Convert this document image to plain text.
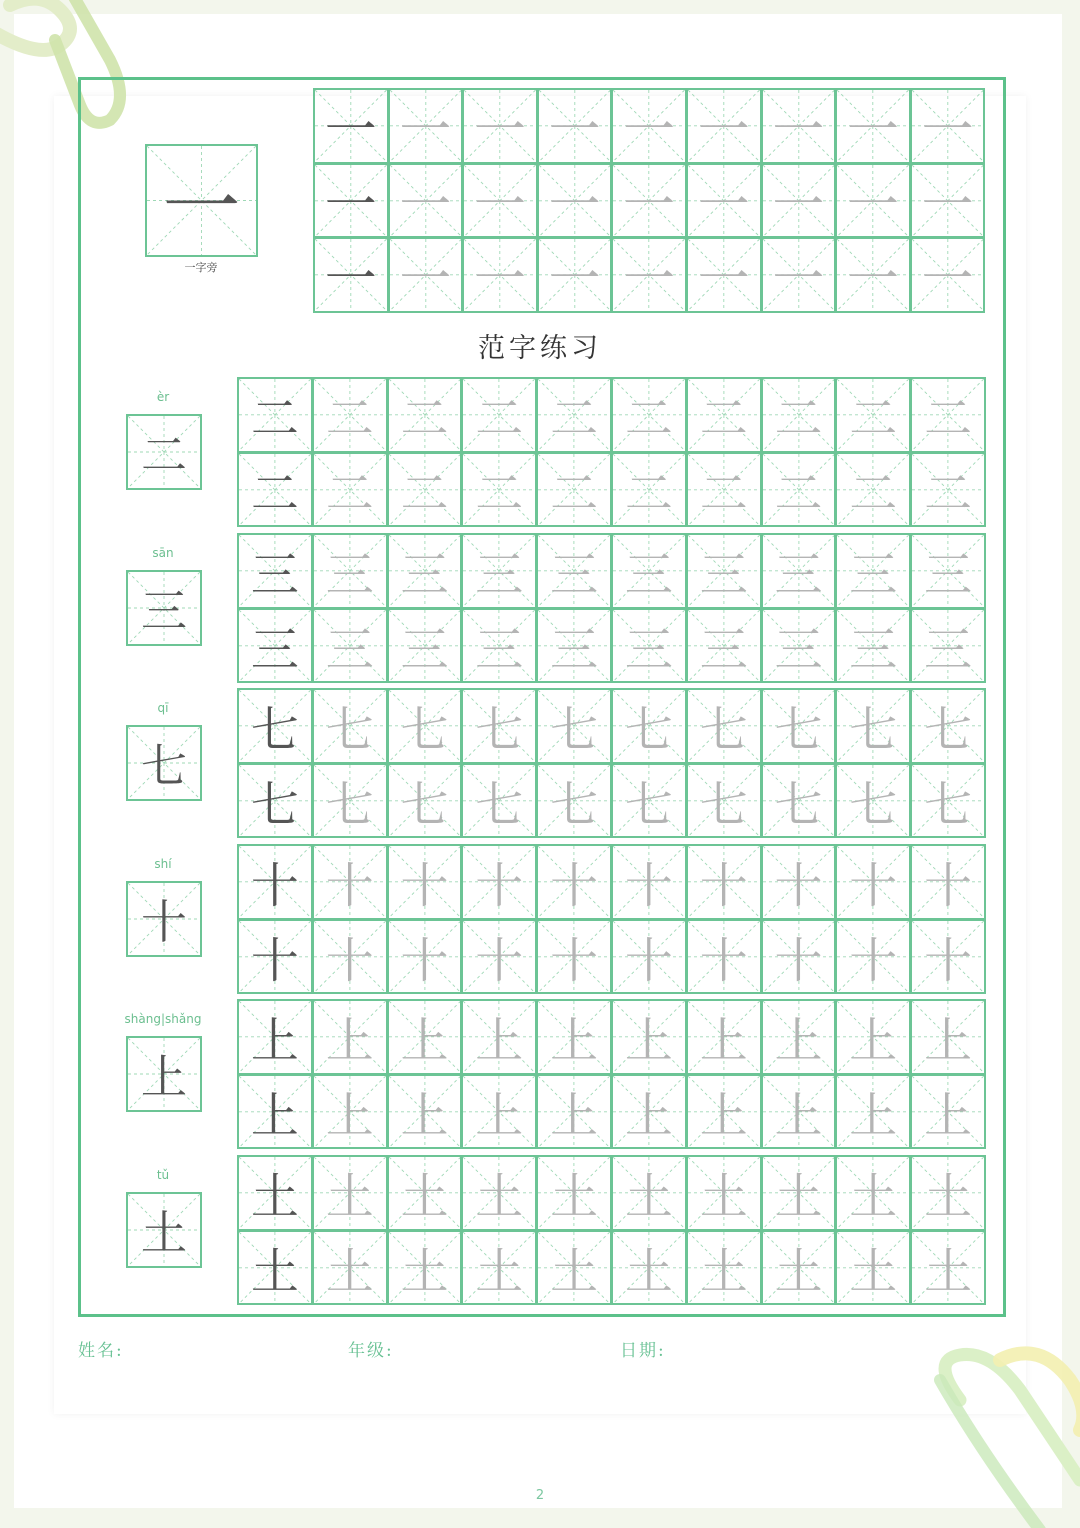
一
一字旁
一 一 一 一 一 一 一 一 一
一 一 一 一 一 一 一 一 一
一 一 一 一 一 一 一 一 一
èr
二
二 二 二 二 二 二 二 二 二 二
二 二 二 二 二 二 二 二 二 二
sān
三
三 三 三 三 三 三 三 三 三 三
三 三 三 三 三 三 三 三 三 三
qī
七
七 七 七 七 七 七 七 七 七 七
七 七 七 七 七 七 七 七 七 七
shí
十
十 十 十 十 十 十 十 十 十 十
十 十 十 十 十 十 十 十 十 十
shàng|shǎng
上
上 上 上 上 上 上 上 上 上 上
上 上 上 上 上 上 上 上 上 上
tǔ
土
土 土 土 土 土 土 土 土 土 土
土 土 土 土 土 土 土 土 土 土
范字练习
姓名:	年级:	日期:
2
